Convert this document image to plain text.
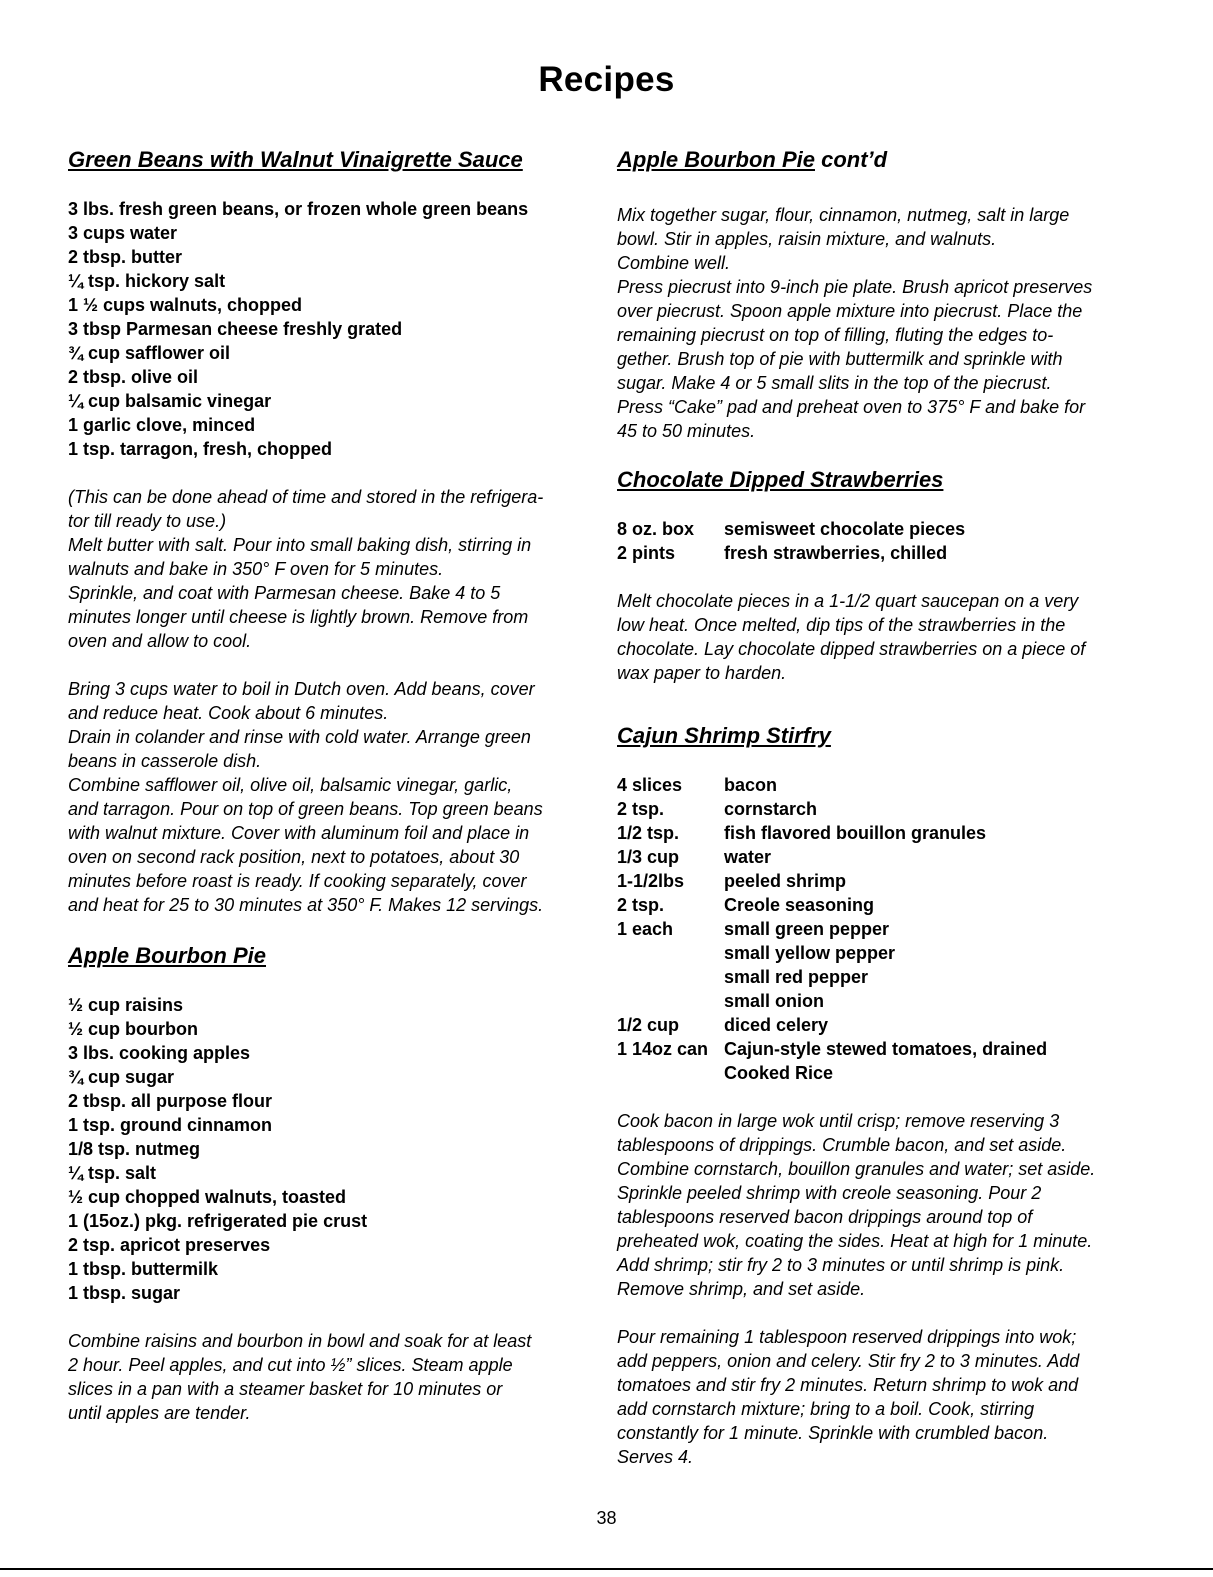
Recipes
Green Beans with Walnut Vinaigrette Sauce
3 lbs. fresh green beans, or frozen whole green beans
3 cups water
2 tbsp. butter
¼ tsp. hickory salt
1 ½ cups walnuts, chopped
3 tbsp Parmesan cheese freshly grated
¾ cup safflower oil
2 tbsp. olive oil
¼ cup balsamic vinegar
1 garlic clove, minced
1 tsp. tarragon, fresh, chopped
(This can be done ahead of time and stored in the refrigera-
tor till ready to use.)
Melt butter with salt. Pour into small baking dish, stirring in
walnuts and bake in 350° F oven for 5 minutes.
Sprinkle, and coat with Parmesan cheese. Bake 4 to 5
minutes longer until cheese is lightly brown. Remove from
oven and allow to cool.
Bring 3 cups water to boil in Dutch oven. Add beans, cover
and reduce heat. Cook about 6 minutes.
Drain in colander and rinse with cold water. Arrange green
beans in casserole dish.
Combine safflower oil, olive oil, balsamic vinegar, garlic,
and tarragon. Pour on top of green beans. Top green beans
with walnut mixture. Cover with aluminum foil and place in
oven on second rack position, next to potatoes, about 30
minutes before roast is ready. If cooking separately, cover
and heat for 25 to 30 minutes at 350° F. Makes 12 servings.
Apple Bourbon Pie
½ cup raisins
½ cup bourbon
3 lbs. cooking apples
¾ cup sugar
2 tbsp. all purpose flour
1 tsp. ground cinnamon
1/8 tsp. nutmeg
¼ tsp. salt
½ cup chopped walnuts, toasted
1 (15oz.) pkg. refrigerated pie crust
2 tsp. apricot preserves
1 tbsp. buttermilk
1 tbsp. sugar
Combine raisins and bourbon in bowl and soak for at least
2 hour. Peel apples, and cut into ½” slices. Steam apple
slices in a pan with a steamer basket for 10 minutes or
until apples are tender.
Apple Bourbon Pie cont’d
Mix together sugar, flour, cinnamon, nutmeg, salt in large
bowl. Stir in apples, raisin mixture, and walnuts.
Combine well.
Press piecrust into 9-inch pie plate. Brush apricot preserves
over piecrust. Spoon apple mixture into piecrust. Place the
remaining piecrust on top of filling, fluting the edges to-
gether. Brush top of pie with buttermilk and sprinkle with
sugar. Make 4 or 5 small slits in the top of the piecrust.
Press “Cake” pad and preheat oven to 375° F and bake for
45 to 50 minutes.
Chocolate Dipped Strawberries
8 oz. box	semisweet chocolate pieces
2 pints	fresh strawberries, chilled
Melt chocolate pieces in a 1-1/2 quart saucepan on a very
low heat. Once melted, dip tips of the strawberries in the
chocolate. Lay chocolate dipped strawberries on a piece of
wax paper to harden.
Cajun Shrimp Stirfry
4 slices	bacon
2 tsp.	cornstarch
1/2 tsp.	fish flavored bouillon granules
1/3 cup	water
1-1/2lbs	peeled shrimp
2 tsp.	Creole seasoning
1 each	small green pepper
	small yellow pepper
	small red pepper
	small onion
1/2 cup	diced celery
1 14oz can	Cajun-style stewed tomatoes, drained
	Cooked Rice
Cook bacon in large wok until crisp; remove reserving 3
tablespoons of drippings. Crumble bacon, and set aside.
Combine cornstarch, bouillon granules and water; set aside.
Sprinkle peeled shrimp with creole seasoning. Pour 2
tablespoons reserved bacon drippings around top of
preheated wok, coating the sides. Heat at high for 1 minute.
Add shrimp; stir fry 2 to 3 minutes or until shrimp is pink.
Remove shrimp, and set aside.
Pour remaining 1 tablespoon reserved drippings into wok;
add peppers, onion and celery. Stir fry 2 to 3 minutes. Add
tomatoes and stir fry 2 minutes. Return shrimp to wok and
add cornstarch mixture; bring to a boil. Cook, stirring
constantly for 1 minute. Sprinkle with crumbled bacon.
Serves 4.
38
